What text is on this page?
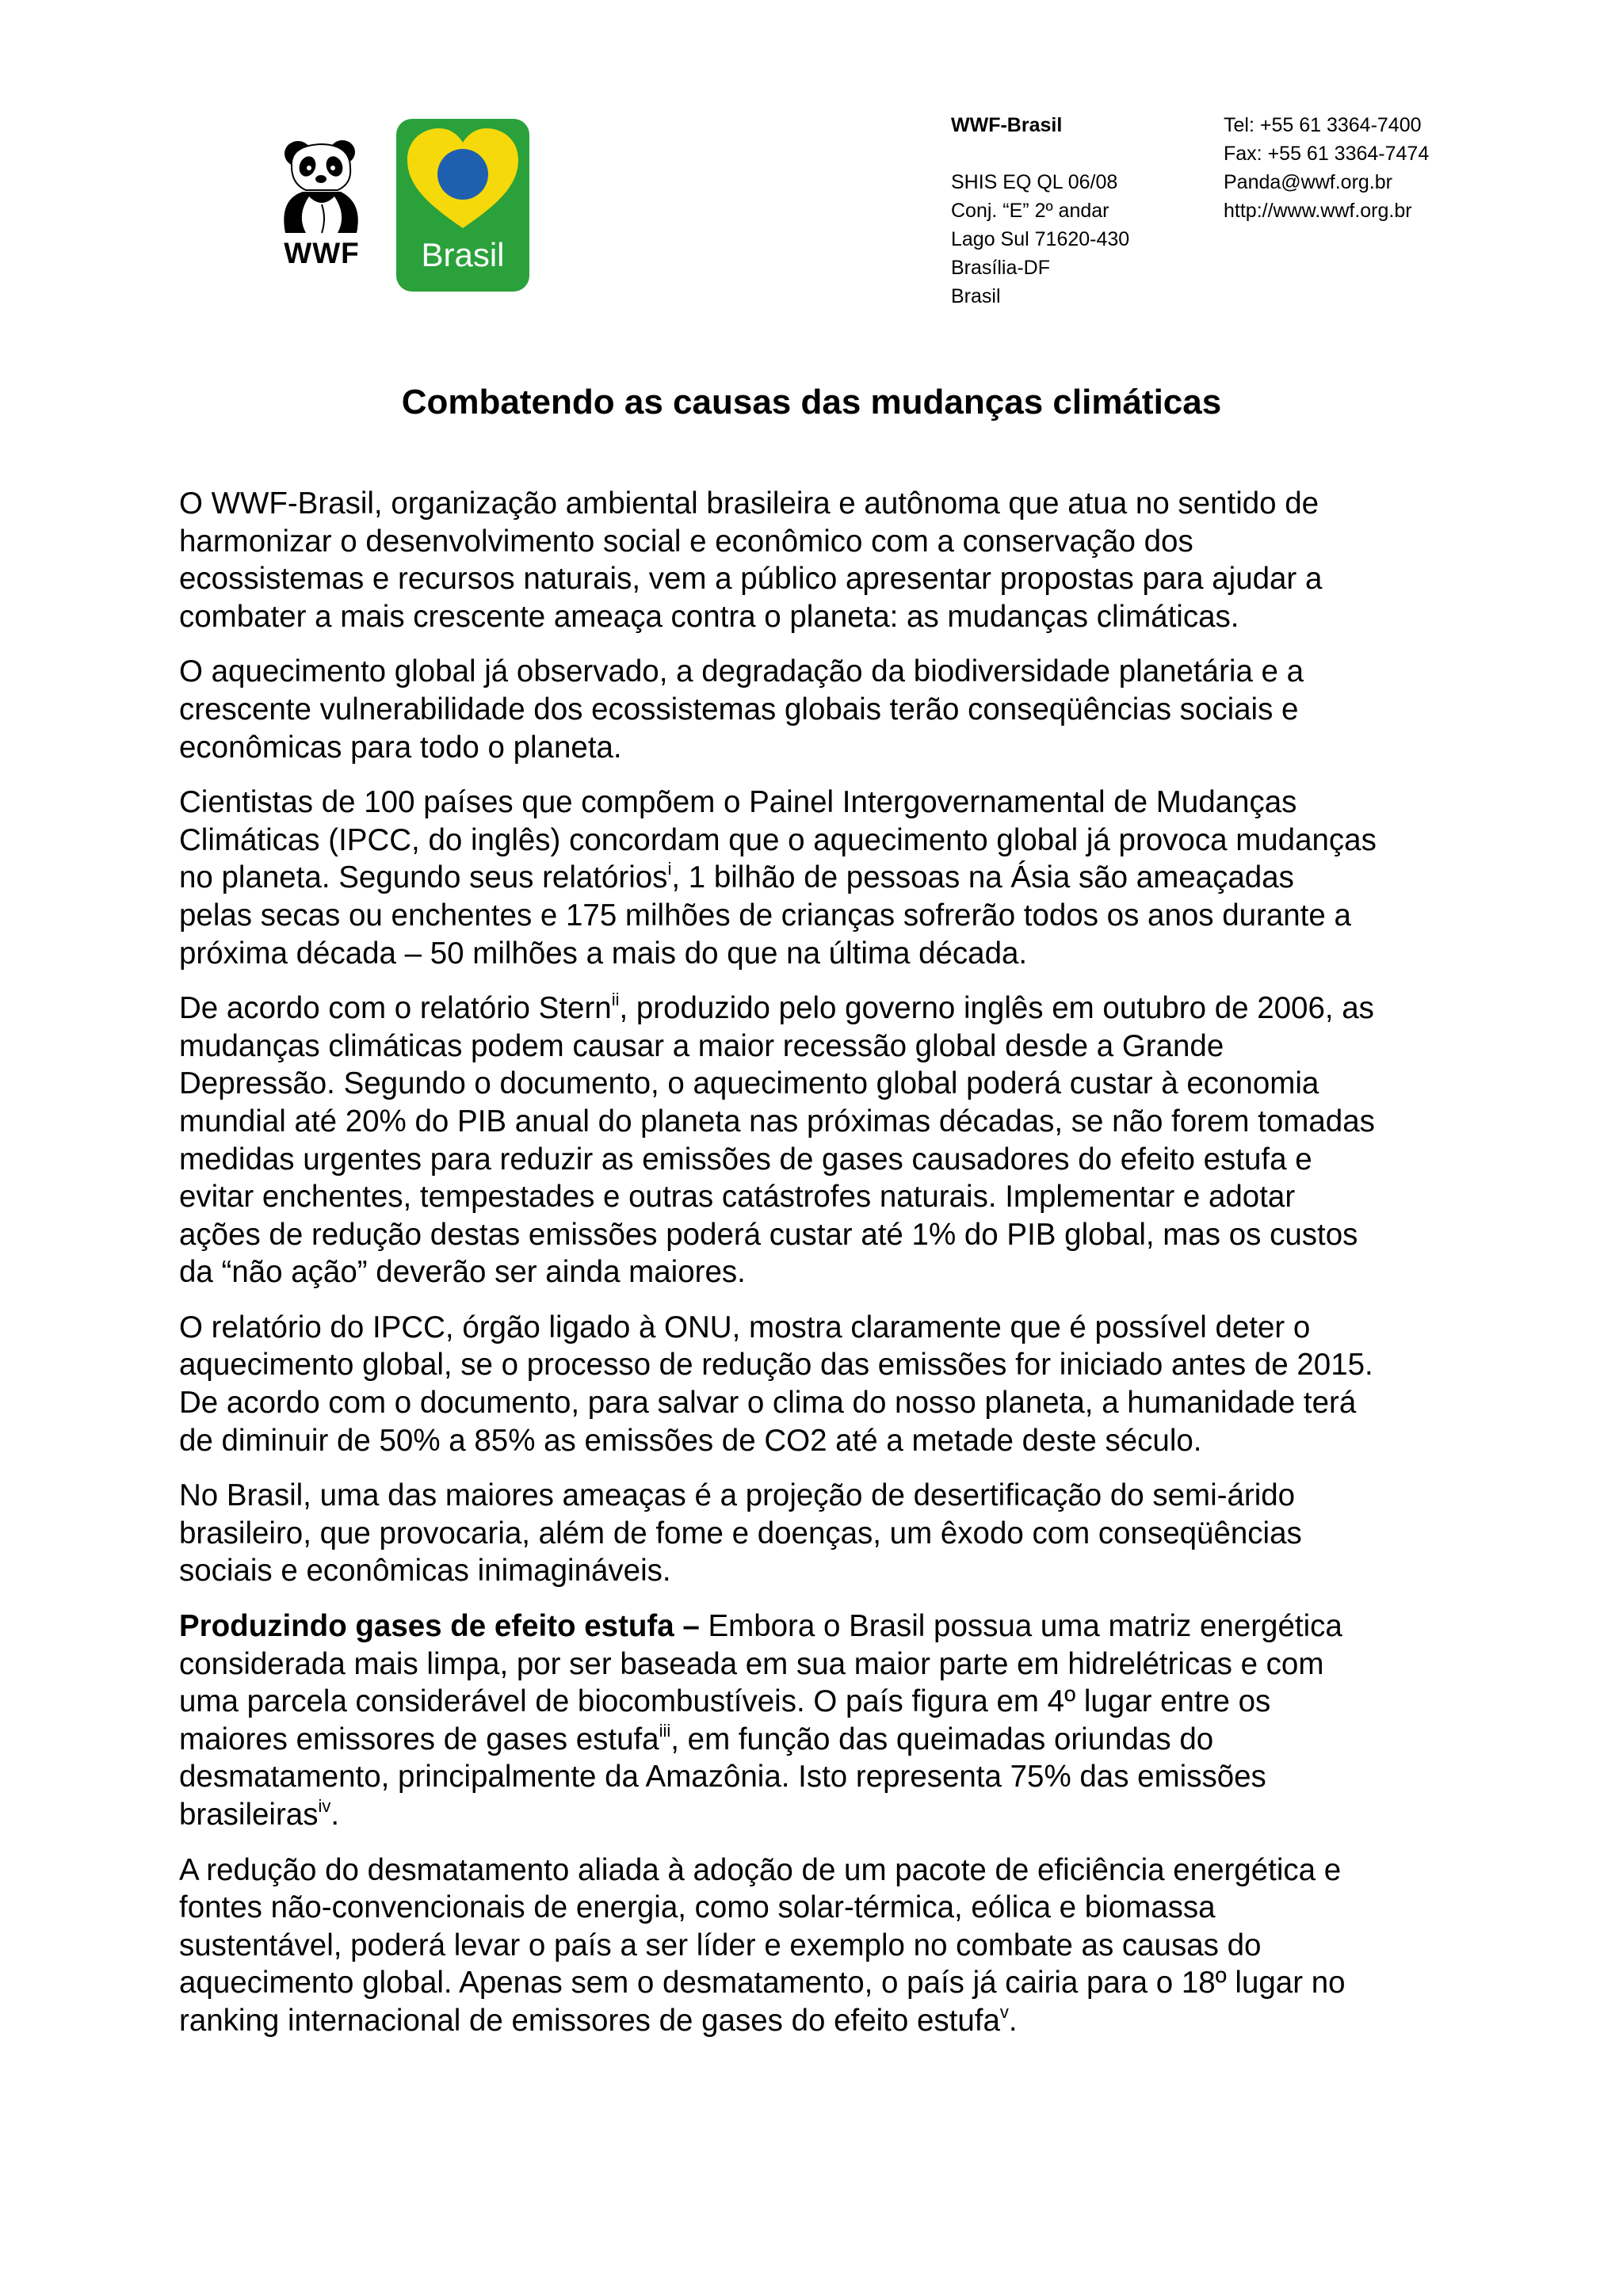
WWF	Brasil
WWF-Brasil
SHIS EQ QL 06/08
Conj. “E” 2º andar
Lago Sul 71620-430
Brasília-DF
Brasil
Tel: +55 61 3364-7400
Fax: +55 61 3364-7474
Panda@wwf.org.br
http://www.wwf.org.br
Combatendo as causas das mudanças climáticas
O WWF-Brasil, organização ambiental brasileira e autônoma que atua no sentido de
harmonizar o desenvolvimento social e econômico com a conservação dos
ecossistemas e recursos naturais, vem a público apresentar propostas para ajudar a
combater a mais crescente ameaça contra o planeta: as mudanças climáticas.
O aquecimento global já observado, a degradação da biodiversidade planetária e a
crescente vulnerabilidade dos ecossistemas globais terão conseqüências sociais e
econômicas para todo o planeta.
Cientistas de 100 países que compõem o Painel Intergovernamental de Mudanças
Climáticas (IPCC, do inglês) concordam que o aquecimento global já provoca mudanças
no planeta. Segundo seus relatórios$^i$, 1 bilhão de pessoas na Ásia são ameaçadas
pelas secas ou enchentes e 175 milhões de crianças sofrerão todos os anos durante a
próxima década – 50 milhões a mais do que na última década.
De acordo com o relatório Stern$^{ii}$, produzido pelo governo inglês em outubro de 2006, as
mudanças climáticas podem causar a maior recessão global desde a Grande
Depressão. Segundo o documento, o aquecimento global poderá custar à economia
mundial até 20% do PIB anual do planeta nas próximas décadas, se não forem tomadas
medidas urgentes para reduzir as emissões de gases causadores do efeito estufa e
evitar enchentes, tempestades e outras catástrofes naturais. Implementar e adotar
ações de redução destas emissões poderá custar até 1% do PIB global, mas os custos
da “não ação” deverão ser ainda maiores.
O relatório do IPCC, órgão ligado à ONU, mostra claramente que é possível deter o
aquecimento global, se o processo de redução das emissões for iniciado antes de 2015.
De acordo com o documento, para salvar o clima do nosso planeta, a humanidade terá
de diminuir de 50% a 85% as emissões de CO2 até a metade deste século.
No Brasil, uma das maiores ameaças é a projeção de desertificação do semi-árido
brasileiro, que provocaria, além de fome e doenças, um êxodo com conseqüências
sociais e econômicas inimagináveis.
Produzindo gases de efeito estufa – Embora o Brasil possua uma matriz energética
considerada mais limpa, por ser baseada em sua maior parte em hidrelétricas e com
uma parcela considerável de biocombustíveis. O país figura em 4º lugar entre os
maiores emissores de gases estufa$^{iii}$, em função das queimadas oriundas do
desmatamento, principalmente da Amazônia. Isto representa 75% das emissões
brasileiras$^{iv}$.
A redução do desmatamento aliada à adoção de um pacote de eficiência energética e
fontes não-convencionais de energia, como solar-térmica, eólica e biomassa
sustentável, poderá levar o país a ser líder e exemplo no combate as causas do
aquecimento global. Apenas sem o desmatamento, o país já cairia para o 18º lugar no
ranking internacional de emissores de gases do efeito estufa$^v$.
